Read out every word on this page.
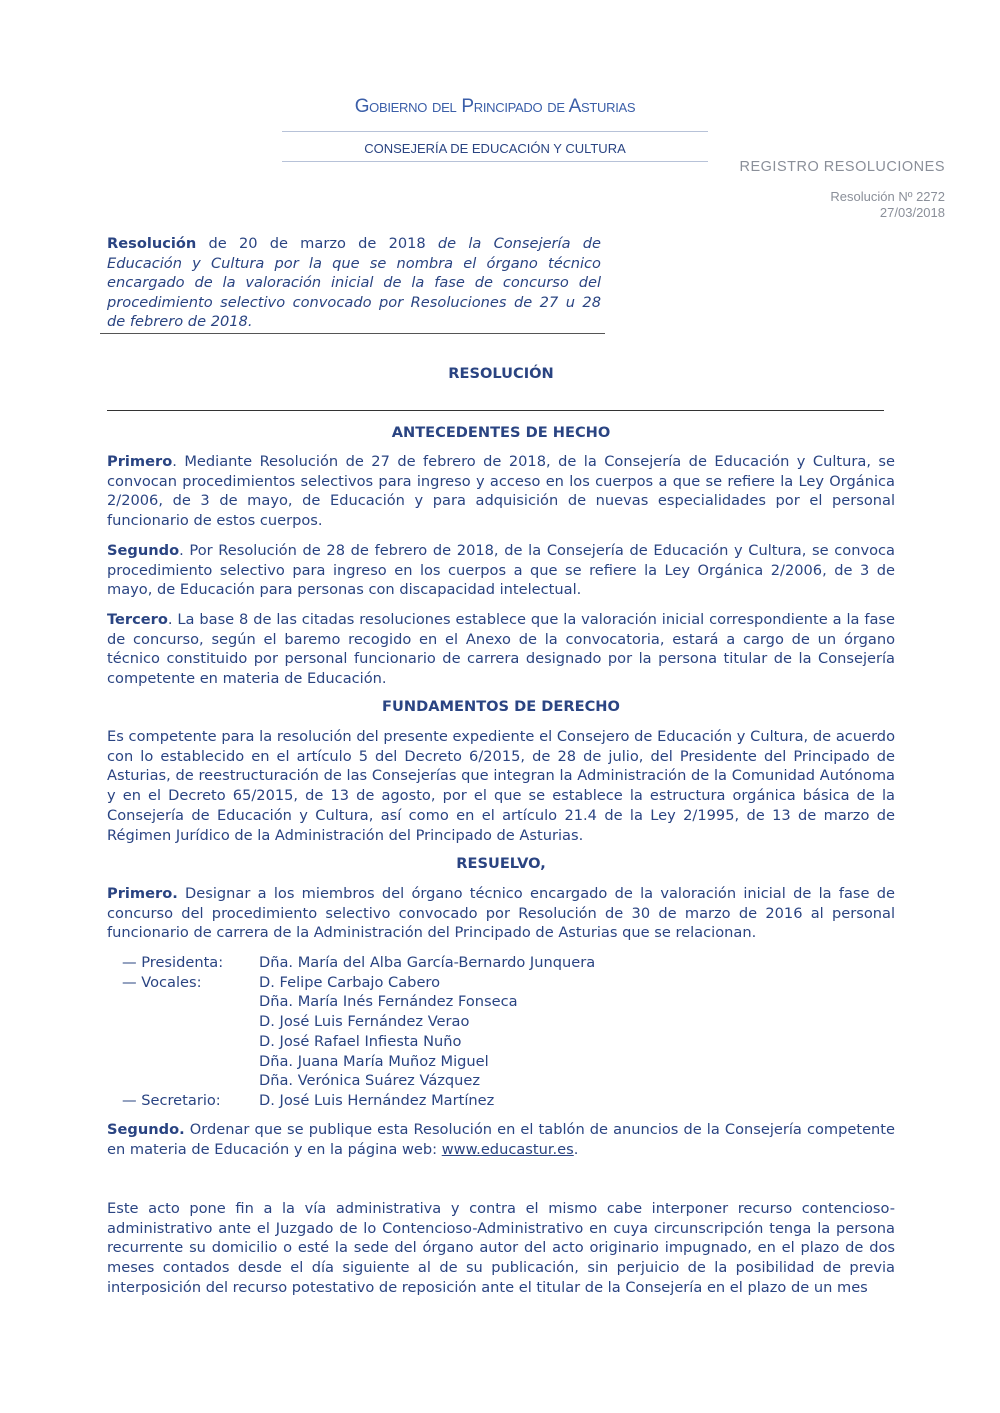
Gobierno del Principado de Asturias
CONSEJERÍA DE EDUCACIÓN Y CULTURA
REGISTRO RESOLUCIONES
Resolución Nº 2272
27/03/2018
Resolución de 20 de marzo de 2018 de la Consejería de Educación y Cultura por la que se nombra el órgano técnico encargado de la valoración inicial de la fase de concurso del procedimiento selectivo convocado por Resoluciones de 27 u 28 de febrero de 2018.
RESOLUCIÓN
ANTECEDENTES DE HECHO
Primero. Mediante Resolución de 27 de febrero de 2018, de la Consejería de Educación y Cultura, se convocan procedimientos selectivos para ingreso y acceso en los cuerpos a que se refiere la Ley Orgánica 2/2006, de 3 de mayo, de Educación y para adquisición de nuevas especialidades por el personal funcionario de estos cuerpos.
Segundo. Por Resolución de 28 de febrero de 2018, de la Consejería de Educación y Cultura, se convoca procedimiento selectivo para ingreso en los cuerpos a que se refiere la Ley Orgánica 2/2006, de 3 de mayo, de Educación para personas con discapacidad intelectual.
Tercero. La base 8 de las citadas resoluciones establece que la valoración inicial correspondiente a la fase de concurso, según el baremo recogido en el Anexo de la convocatoria, estará a cargo de un órgano técnico constituido por personal funcionario de carrera designado por la persona titular de la Consejería competente en materia de Educación.
FUNDAMENTOS DE DERECHO
Es competente para la resolución del presente expediente el Consejero de Educación y Cultura, de acuerdo con lo establecido en el artículo 5 del Decreto 6/2015, de 28 de julio, del Presidente del Principado de Asturias, de reestructuración de las Consejerías que integran la Administración de la Comunidad Autónoma y en el Decreto 65/2015, de 13 de agosto, por el que se establece la estructura orgánica básica de la Consejería de Educación y Cultura, así como en el artículo 21.4 de la Ley 2/1995, de 13 de marzo de Régimen Jurídico de la Administración del Principado de Asturias.
RESUELVO,
Primero. Designar a los miembros del órgano técnico encargado de la valoración inicial de la fase de concurso del procedimiento selectivo convocado por Resolución de 30 de marzo de 2016 al personal funcionario de carrera de la Administración del Principado de Asturias que se relacionan.
— Presidenta: Dña. María del Alba García-Bernardo Junquera
— Vocales:	D. Felipe Carbajo Cabero
Dña. María Inés Fernández Fonseca
D. José Luis Fernández Verao
D. José Rafael Infiesta Nuño
Dña. Juana María Muñoz Miguel
Dña. Verónica Suárez Vázquez
— Secretario:	D. José Luis Hernández Martínez
Segundo. Ordenar que se publique esta Resolución en el tablón de anuncios de la Consejería competente en materia de Educación y en la página web: www.educastur.es.
Este acto pone fin a la vía administrativa y contra el mismo cabe interponer recurso contencioso-administrativo ante el Juzgado de lo Contencioso-Administrativo en cuya circunscripción tenga la persona recurrente su domicilio o esté la sede del órgano autor del acto originario impugnado, en el plazo de dos meses contados desde el día siguiente al de su publicación, sin perjuicio de la posibilidad de previa interposición del recurso potestativo de reposición ante el titular de la Consejería en el plazo de un mes
